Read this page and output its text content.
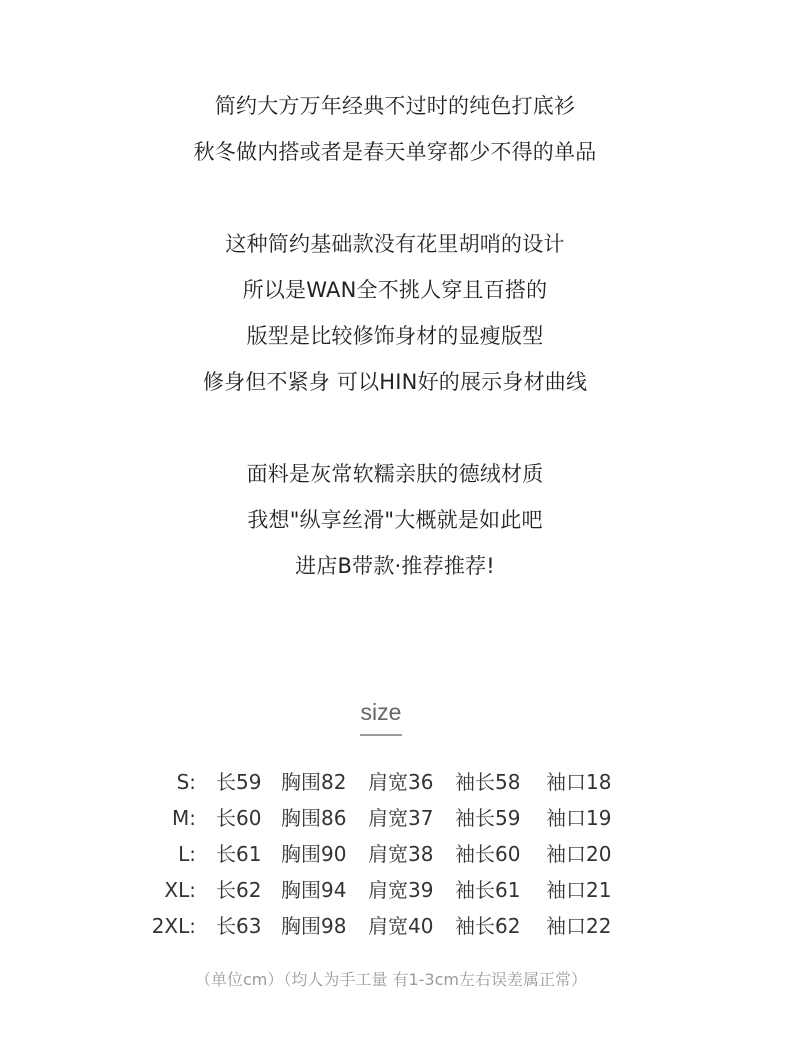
简约大方万年经典不过时的纯色打底衫
秋冬做内搭或者是春天单穿都少不得的单品
这种简约基础款没有花里胡哨的设计
所以是WAN全不挑人穿且百搭的
版型是比较修饰身材的显瘦版型
修身但不紧身 可以HIN好的展示身材曲线
面料是灰常软糯亲肤的德绒材质
我想"纵享丝滑"大概就是如此吧
进店B带款·推荐推荐!
size
S: 长59 胸围82 肩宽36 袖长58 袖口18
M: 长60 胸围86 肩宽37 袖长59 袖口19
L: 长61 胸围90 肩宽38 袖长60 袖口20
XL: 长62 胸围94 肩宽39 袖长61 袖口21
2XL: 长63 胸围98 肩宽40 袖长62 袖口22
（单位cm）（均人为手工量 有1-3cm左右误差属正常）
